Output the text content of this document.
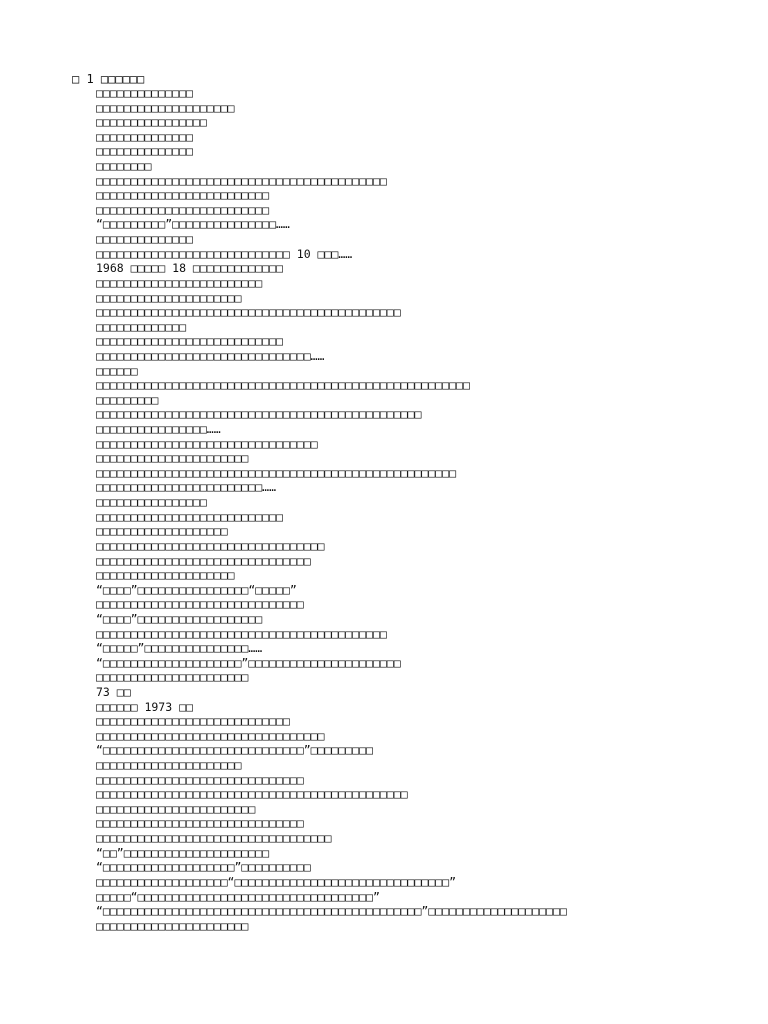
□ 1 □□□□□□
□□□□□□□□□□□□□□
□□□□□□□□□□□□□□□□□□□□
□□□□□□□□□□□□□□□□
□□□□□□□□□□□□□□
□□□□□□□□□□□□□□
□□□□□□□□
□□□□□□□□□□□□□□□□□□□□□□□□□□□□□□□□□□□□□□□□□□
□□□□□□□□□□□□□□□□□□□□□□□□□
□□□□□□□□□□□□□□□□□□□□□□□□□
“□□□□□□□□□”□□□□□□□□□□□□□□□……
□□□□□□□□□□□□□□
□□□□□□□□□□□□□□□□□□□□□□□□□□□□ 10 □□□……
1968 □□□□□ 18 □□□□□□□□□□□□□
□□□□□□□□□□□□□□□□□□□□□□□□
□□□□□□□□□□□□□□□□□□□□□
□□□□□□□□□□□□□□□□□□□□□□□□□□□□□□□□□□□□□□□□□□□□
□□□□□□□□□□□□□
□□□□□□□□□□□□□□□□□□□□□□□□□□□
□□□□□□□□□□□□□□□□□□□□□□□□□□□□□□□……
□□□□□□
□□□□□□□□□□□□□□□□□□□□□□□□□□□□□□□□□□□□□□□□□□□□□□□□□□□□□□
□□□□□□□□□
□□□□□□□□□□□□□□□□□□□□□□□□□□□□□□□□□□□□□□□□□□□□□□□
□□□□□□□□□□□□□□□□……
□□□□□□□□□□□□□□□□□□□□□□□□□□□□□□□□
□□□□□□□□□□□□□□□□□□□□□□
□□□□□□□□□□□□□□□□□□□□□□□□□□□□□□□□□□□□□□□□□□□□□□□□□□□□
□□□□□□□□□□□□□□□□□□□□□□□□……
□□□□□□□□□□□□□□□□
□□□□□□□□□□□□□□□□□□□□□□□□□□□
□□□□□□□□□□□□□□□□□□□
□□□□□□□□□□□□□□□□□□□□□□□□□□□□□□□□□
□□□□□□□□□□□□□□□□□□□□□□□□□□□□□□□
□□□□□□□□□□□□□□□□□□□□
“□□□□”□□□□□□□□□□□□□□□□“□□□□□”
□□□□□□□□□□□□□□□□□□□□□□□□□□□□□□
“□□□□”□□□□□□□□□□□□□□□□□□
□□□□□□□□□□□□□□□□□□□□□□□□□□□□□□□□□□□□□□□□□□
“□□□□□”□□□□□□□□□□□□□□□……
“□□□□□□□□□□□□□□□□□□□□”□□□□□□□□□□□□□□□□□□□□□□
□□□□□□□□□□□□□□□□□□□□□□
73 □□
□□□□□□ 1973 □□
□□□□□□□□□□□□□□□□□□□□□□□□□□□□
□□□□□□□□□□□□□□□□□□□□□□□□□□□□□□□□□
“□□□□□□□□□□□□□□□□□□□□□□□□□□□□□”□□□□□□□□□
□□□□□□□□□□□□□□□□□□□□□
□□□□□□□□□□□□□□□□□□□□□□□□□□□□□□
□□□□□□□□□□□□□□□□□□□□□□□□□□□□□□□□□□□□□□□□□□□□□
□□□□□□□□□□□□□□□□□□□□□□□
□□□□□□□□□□□□□□□□□□□□□□□□□□□□□□
□□□□□□□□□□□□□□□□□□□□□□□□□□□□□□□□□□
“□□”□□□□□□□□□□□□□□□□□□□□□
“□□□□□□□□□□□□□□□□□□□”□□□□□□□□□□
□□□□□□□□□□□□□□□□□□□“□□□□□□□□□□□□□□□□□□□□□□□□□□□□□□□”
□□□□□“□□□□□□□□□□□□□□□□□□□□□□□□□□□□□□□□□□”
“□□□□□□□□□□□□□□□□□□□□□□□□□□□□□□□□□□□□□□□□□□□□□□”□□□□□□□□□□□□□□□□□□□□
□□□□□□□□□□□□□□□□□□□□□□
